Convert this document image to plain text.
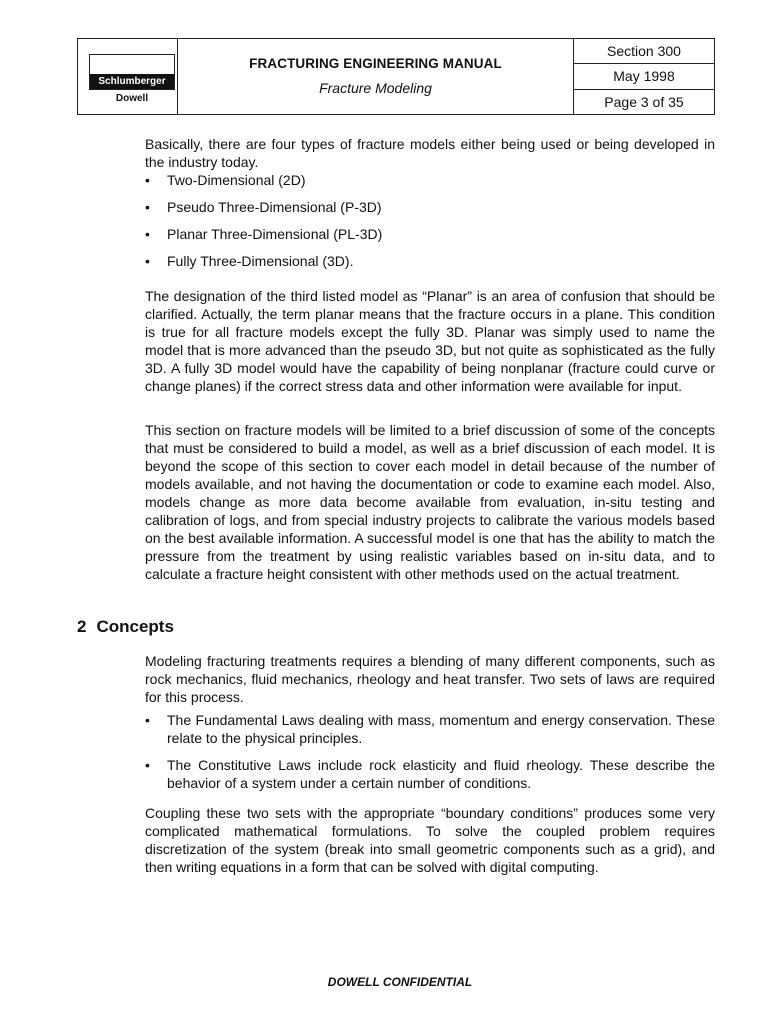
Schlumberger
Dowell
FRACTURING ENGINEERING MANUAL
Fracture Modeling
Section 300
May 1998
Page 3 of 35

Basically, there are four types of fracture models either being used or being developed in the industry today.

• Two-Dimensional (2D)
• Pseudo Three-Dimensional (P-3D)
• Planar Three-Dimensional (PL-3D)
• Fully Three-Dimensional (3D).
The designation of the third listed model as “Planar” is an area of confusion that should be clarified. Actually, the term planar means that the fracture occurs in a plane. This condition is true for all fracture models except the fully 3D. Planar was simply used to name the model that is more advanced than the pseudo 3D, but not quite as sophisticated as the fully 3D. A fully 3D model would have the capability of being nonplanar (fracture could curve or change planes) if the correct stress data and other information were available for input.
This section on fracture models will be limited to a brief discussion of some of the concepts that must be considered to build a model, as well as a brief discussion of each model. It is beyond the scope of this section to cover each model in detail because of the number of models available, and not having the documentation or code to examine each model. Also, models change as more data become available from evaluation, in-situ testing and calibration of logs, and from special industry projects to calibrate the various models based on the best available information. A successful model is one that has the ability to match the pressure from the treatment by using realistic variables based on in-situ data, and to calculate a fracture height consistent with other methods used on the actual treatment.
2 Concepts

Modeling fracturing treatments requires a blending of many different components, such as rock mechanics, fluid mechanics, rheology and heat transfer. Two sets of laws are required for this process.

• The Fundamental Laws dealing with mass, momentum and energy conservation. These relate to the physical principles.
• The Constitutive Laws include rock elasticity and fluid rheology. These describe the behavior of a system under a certain number of conditions.
Coupling these two sets with the appropriate “boundary conditions” produces some very complicated mathematical formulations. To solve the coupled problem requires discretization of the system (break into small geometric components such as a grid), and then writing equations in a form that can be solved with digital computing.
DOWELL CONFIDENTIAL
